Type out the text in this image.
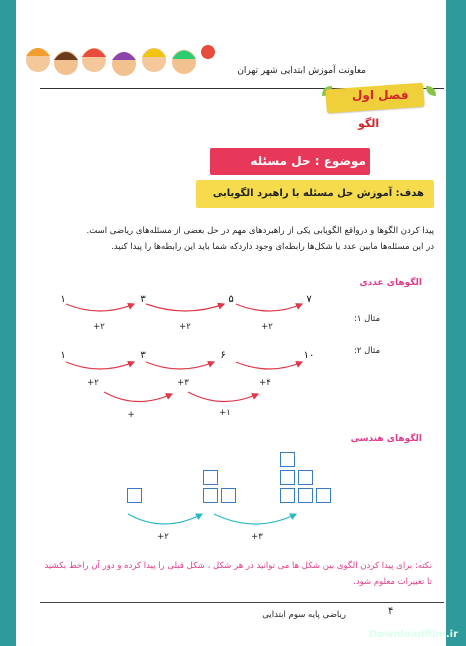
معاونت آموزش ابتدایی شهر تهران
فصل اول
الگو
موضوع : حل مسئله
هدف: آموزش حل مسئله با راهبرد الگویابی
پیدا کردن الگوها و درواقع الگویابی یکی از راهبردهای مهم در حل بعضی از مسئله‌های ریاضی است.
در این مسئله‌ها مابین عدد یا شکل‌ها رابطه‌ای وجود دارد‌که شما باید این رابطه‌ها را پیدا کنید.
الگوهای عددی
۱	۳	۵	۷
+۲	+۲	+۲
مثال ۱:
۱	۳	۶	۱۰	مثال ۲:
+۲	+۳	+۴
+	+۱
الگوهای هندسی
+۲	+۳
نکته: برای پیدا کردن الگوی بین شکل ها می توانید در هر شکل ، شکل قبلی را پیدا کرده و دور آن راخط بکشید تا تغییرات معلوم شود.
۴
ریاضی پایه سوم ابتدایی
Downloadfilm.ir
